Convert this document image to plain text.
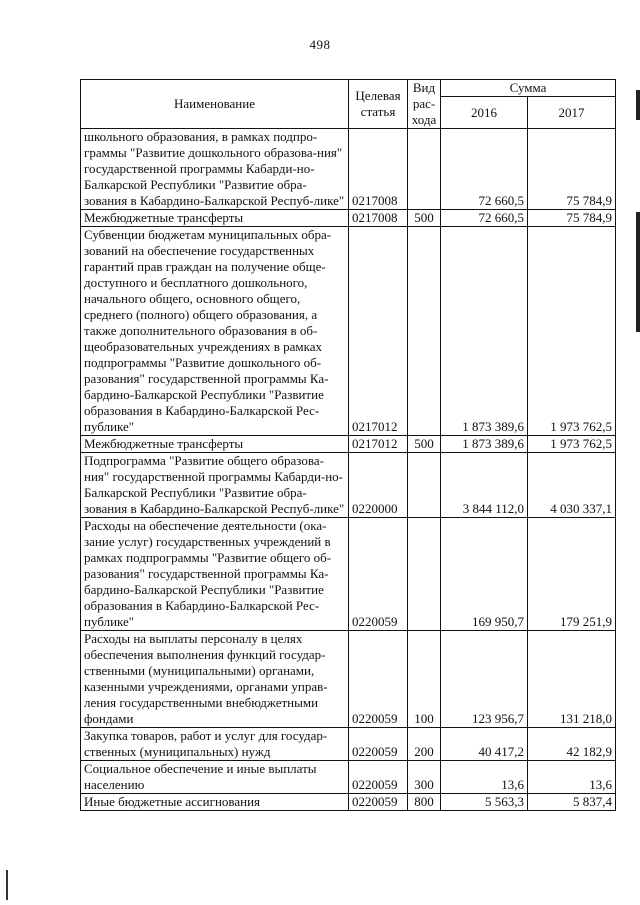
498
Наименование	Целевая статья	Вид рас-хода	Сумма	
			2016	2017
школьного образования, в рамках подпро-граммы "Развитие дошкольного образова-ния" государственной программы Кабарди-но-Балкарской Республики "Развитие обра-зования в Кабардино-Балкарской Респуб-лике"	0217008		72 660,5	75 784,9
Межбюджетные трансферты	0217008	500	72 660,5	75 784,9
Субвенции бюджетам муниципальных обра-зований на обеспечение государственных гарантий прав граждан на получение обще-доступного и бесплатного дошкольного, начального общего, основного общего, среднего (полного) общего образования, а также дополнительного образования в об-щеобразовательных учреждениях в рамках подпрограммы "Развитие дошкольного об-разования" государственной программы Ка-бардино-Балкарской Республики "Развитие образования в Кабардино-Балкарской Рес-публике"	0217012		1 873 389,6	1 973 762,5
Межбюджетные трансферты	0217012	500	1 873 389,6	1 973 762,5
Подпрограмма "Развитие общего образова-ния" государственной программы Кабарди-но-Балкарской Республики "Развитие обра-зования в Кабардино-Балкарской Респуб-лике"	0220000		3 844 112,0	4 030 337,1
Расходы на обеспечение деятельности (ока-зание услуг) государственных учреждений в рамках подпрограммы "Развитие общего об-разования" государственной программы Ка-бардино-Балкарской Республики "Развитие образования в Кабардино-Балкарской Рес-публике"	0220059		169 950,7	179 251,9
Расходы на выплаты персоналу в целях обеспечения выполнения функций государ-ственными (муниципальными) органами, казенными учреждениями, органами управ-ления государственными внебюджетными фондами	0220059	100	123 956,7	131 218,0
Закупка товаров, работ и услуг для государ-ственных (муниципальных) нужд	0220059	200	40 417,2	42 182,9
Социальное обеспечение и иные выплаты населению	0220059	300	13,6	13,6
Иные бюджетные ассигнования	0220059	800	5 563,3	5 837,4
